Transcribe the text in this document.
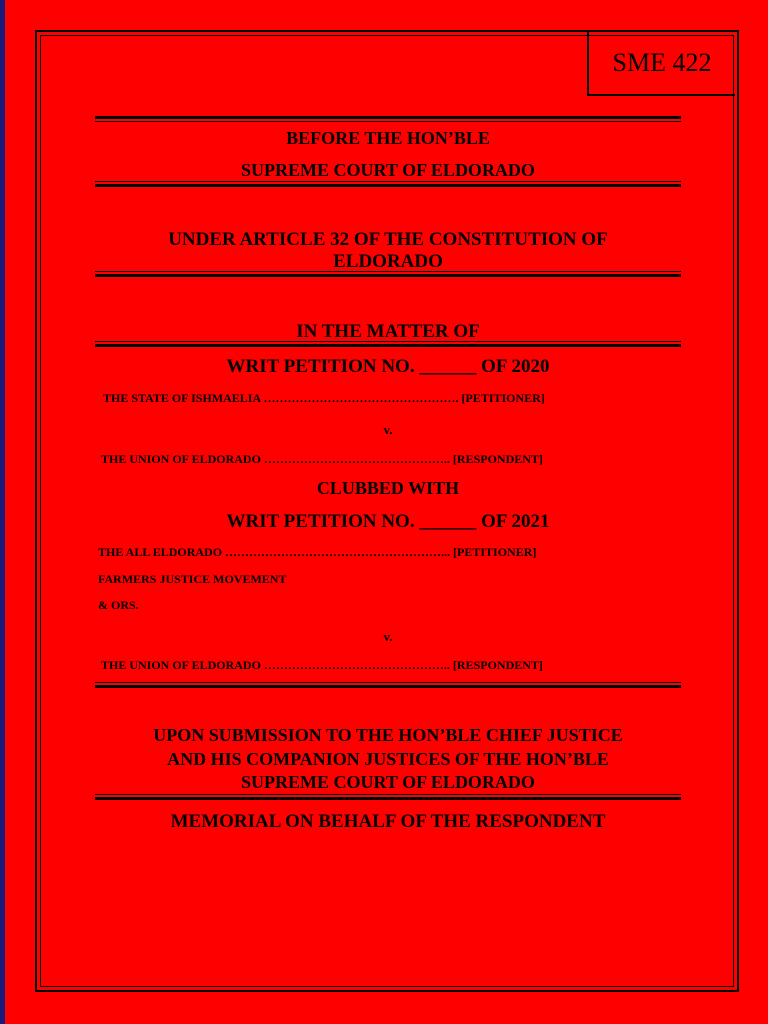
SME 422
BEFORE THE HON’BLE
SUPREME COURT OF ELDORADO
UNDER ARTICLE 32 OF THE CONSTITUTION OF
ELDORADO
IN THE MATTER OF
WRIT PETITION NO. ______ OF 2020
THE STATE OF ISHMAELIA …………………………………………. [PETITIONER]
v.
THE UNION OF ELDORADO ……………………………………….. [RESPONDENT]
CLUBBED WITH
WRIT PETITION NO. ______ OF 2021
THE ALL ELDORADO ………………………………………………... [PETITIONER]
FARMERS JUSTICE MOVEMENT
& ORS.
v.
THE UNION OF ELDORADO ……………………………………….. [RESPONDENT]
UPON SUBMISSION TO THE HON’BLE CHIEF JUSTICE
AND HIS COMPANION JUSTICES OF THE HON’BLE
SUPREME COURT OF ELDORADO
MEMORIAL ON BEHALF OF THE RESPONDENT
